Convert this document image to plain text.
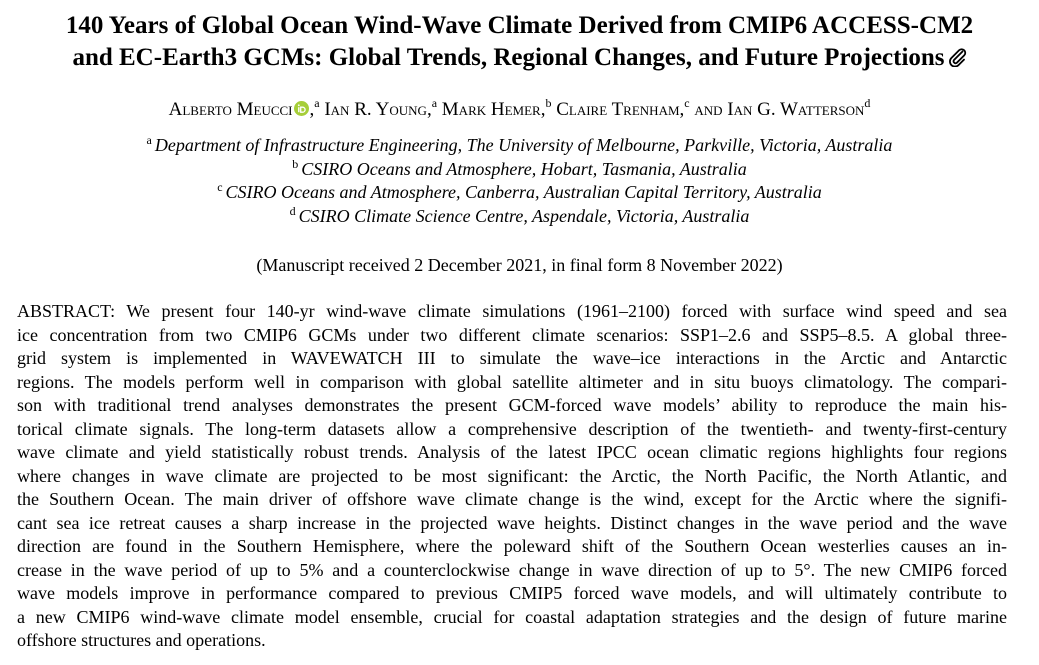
140 Years of Global Ocean Wind-Wave Climate Derived from CMIP6 ACCESS-CM2
and EC-Earth3 GCMs: Global Trends, Regional Changes, and Future Projections
Alberto Meucci ,$^a$ Ian R. Young,$^a$ Mark Hemer,$^b$ Claire Trenham,$^c$ and Ian G. Watterson$^d$
$^a$ Department of Infrastructure Engineering, The University of Melbourne, Parkville, Victoria, Australia
$^b$ CSIRO Oceans and Atmosphere, Hobart, Tasmania, Australia
$^c$ CSIRO Oceans and Atmosphere, Canberra, Australian Capital Territory, Australia
$^d$ CSIRO Climate Science Centre, Aspendale, Victoria, Australia
(Manuscript received 2 December 2021, in final form 8 November 2022)
ABSTRACT: We present four 140-yr wind-wave climate simulations (1961–2100) forced with surface wind speed and sea
ice concentration from two CMIP6 GCMs under two different climate scenarios: SSP1–2.6 and SSP5–8.5. A global three-
grid system is implemented in WAVEWATCH III to simulate the wave–ice interactions in the Arctic and Antarctic
regions. The models perform well in comparison with global satellite altimeter and in situ buoys climatology. The compari-
son with traditional trend analyses demonstrates the present GCM-forced wave models’ ability to reproduce the main his-
torical climate signals. The long-term datasets allow a comprehensive description of the twentieth- and twenty-first-century
wave climate and yield statistically robust trends. Analysis of the latest IPCC ocean climatic regions highlights four regions
where changes in wave climate are projected to be most significant: the Arctic, the North Pacific, the North Atlantic, and
the Southern Ocean. The main driver of offshore wave climate change is the wind, except for the Arctic where the signifi-
cant sea ice retreat causes a sharp increase in the projected wave heights. Distinct changes in the wave period and the wave
direction are found in the Southern Hemisphere, where the poleward shift of the Southern Ocean westerlies causes an in-
crease in the wave period of up to 5% and a counterclockwise change in wave direction of up to 5°. The new CMIP6 forced
wave models improve in performance compared to previous CMIP5 forced wave models, and will ultimately contribute to
a new CMIP6 wind-wave climate model ensemble, crucial for coastal adaptation strategies and the design of future marine
offshore structures and operations.
